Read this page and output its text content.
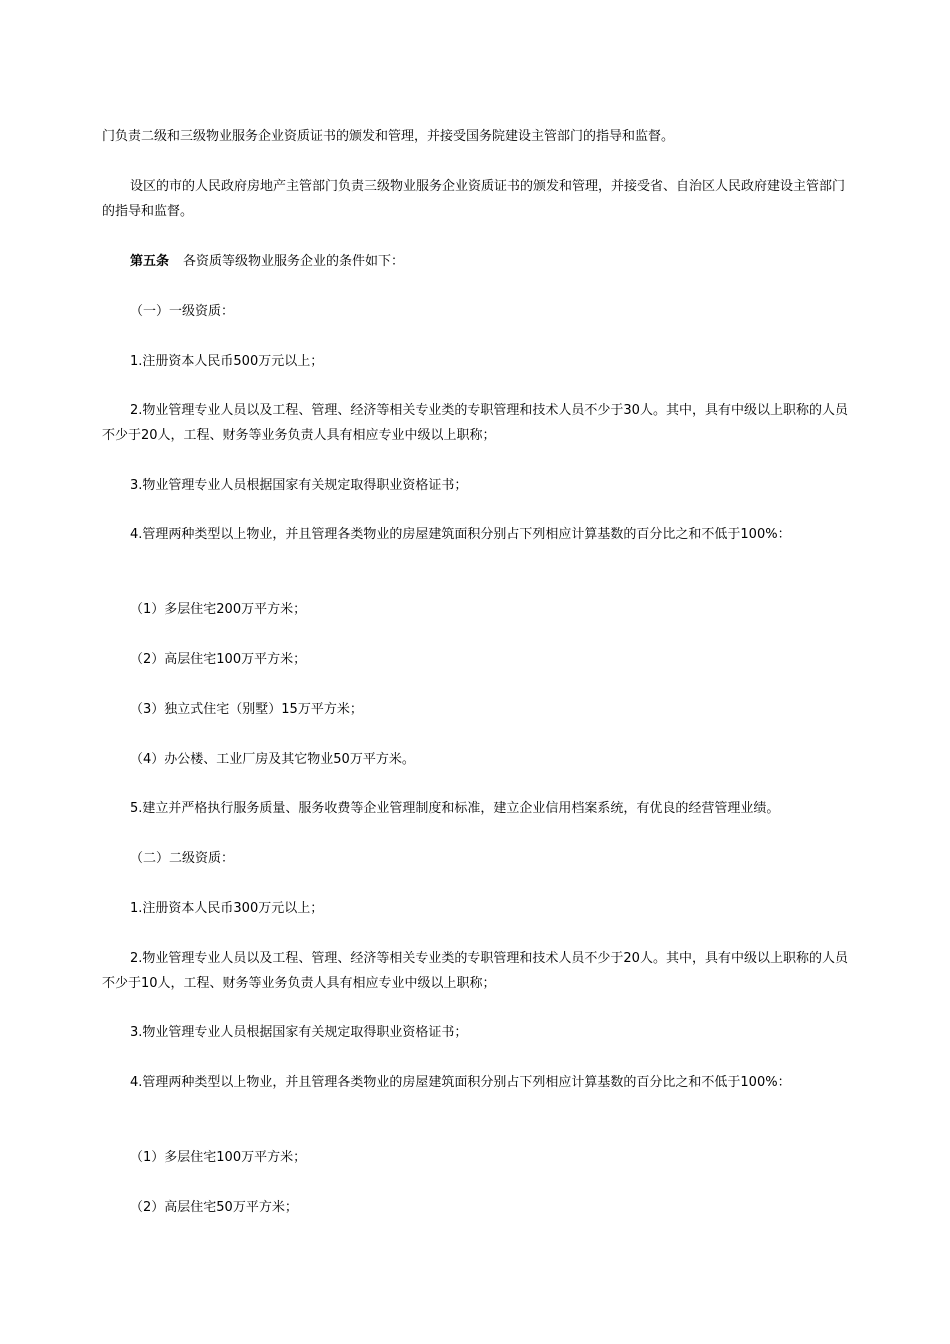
门负责二级和三级物业服务企业资质证书的颁发和管理，并接受国务院建设主管部门的指导和监督。

设区的市的人民政府房地产主管部门负责三级物业服务企业资质证书的颁发和管理，并接受省、自治区人民政府建设主管部门的指导和监督。

第五条 各资质等级物业服务企业的条件如下：

（一）一级资质：

1.注册资本人民币500万元以上；

2.物业管理专业人员以及工程、管理、经济等相关专业类的专职管理和技术人员不少于30人。其中，具有中级以上职称的人员不少于20人，工程、财务等业务负责人具有相应专业中级以上职称；

3.物业管理专业人员根据国家有关规定取得职业资格证书；

4.管理两种类型以上物业，并且管理各类物业的房屋建筑面积分别占下列相应计算基数的百分比之和不低于100%：

（1）多层住宅200万平方米；

（2）高层住宅100万平方米；

（3）独立式住宅（别墅）15万平方米；

（4）办公楼、工业厂房及其它物业50万平方米。

5.建立并严格执行服务质量、服务收费等企业管理制度和标准，建立企业信用档案系统，有优良的经营管理业绩。

（二）二级资质：

1.注册资本人民币300万元以上；

2.物业管理专业人员以及工程、管理、经济等相关专业类的专职管理和技术人员不少于20人。其中，具有中级以上职称的人员不少于10人，工程、财务等业务负责人具有相应专业中级以上职称；

3.物业管理专业人员根据国家有关规定取得职业资格证书；

4.管理两种类型以上物业，并且管理各类物业的房屋建筑面积分别占下列相应计算基数的百分比之和不低于100%：

（1）多层住宅100万平方米；

（2）高层住宅50万平方米；
